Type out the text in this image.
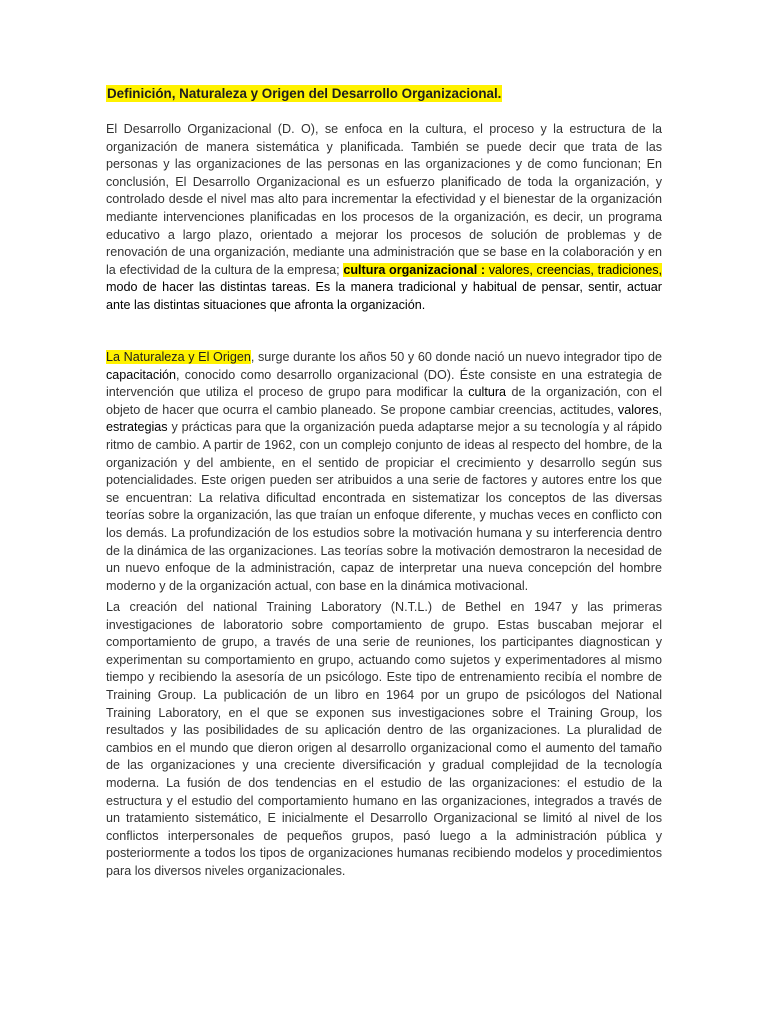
Definición, Naturaleza y Origen del Desarrollo Organizacional.

El Desarrollo Organizacional (D. O), se enfoca en la cultura, el proceso y la estructura de la organización de manera sistemática y planificada. También se puede decir que trata de las personas y las organizaciones de las personas en las organizaciones y de como funcionan; En conclusión, El Desarrollo Organizacional es un esfuerzo planificado de toda la organización, y controlado desde el nivel mas alto para incrementar la efectividad y el bienestar de la organización mediante intervenciones planificadas en los procesos de la organización, es decir, un programa educativo a largo plazo, orientado a mejorar los procesos de solución de problemas y de renovación de una organización, mediante una administración que se base en la colaboración y en la efectividad de la cultura de la empresa; cultura organizacional : valores, creencias, tradiciones, modo de hacer las distintas tareas. Es la manera tradicional y habitual de pensar, sentir, actuar ante las distintas situaciones que afronta la organización.

La Naturaleza y El Origen, surge durante los años 50 y 60 donde nació un nuevo integrador tipo de capacitación, conocido como desarrollo organizacional (DO). Éste consiste en una estrategia de intervención que utiliza el proceso de grupo para modificar la cultura de la organización, con el objeto de hacer que ocurra el cambio planeado. Se propone cambiar creencias, actitudes, valores, estrategias y prácticas para que la organización pueda adaptarse mejor a su tecnología y al rápido ritmo de cambio. A partir de 1962, con un complejo conjunto de ideas al respecto del hombre, de la organización y del ambiente, en el sentido de propiciar el crecimiento y desarrollo según sus potencialidades. Este origen pueden ser atribuidos a una serie de factores y autores entre los que se encuentran: La relativa dificultad encontrada en sistematizar los conceptos de las diversas teorías sobre la organización, las que traían un enfoque diferente, y muchas veces en conflicto con los demás. La profundización de los estudios sobre la motivación humana y su interferencia dentro de la dinámica de las organizaciones. Las teorías sobre la motivación demostraron la necesidad de un nuevo enfoque de la administración, capaz de interpretar una nueva concepción del hombre moderno y de la organización actual, con base en la dinámica motivacional.

La creación del national Training Laboratory (N.T.L.) de Bethel en 1947 y las primeras investigaciones de laboratorio sobre comportamiento de grupo. Estas buscaban mejorar el comportamiento de grupo, a través de una serie de reuniones, los participantes diagnostican y experimentan su comportamiento en grupo, actuando como sujetos y experimentadores al mismo tiempo y recibiendo la asesoría de un psicólogo. Este tipo de entrenamiento recibía el nombre de Training Group. La publicación de un libro en 1964 por un grupo de psicólogos del National Training Laboratory, en el que se exponen sus investigaciones sobre el Training Group, los resultados y las posibilidades de su aplicación dentro de las organizaciones. La pluralidad de cambios en el mundo que dieron origen al desarrollo organizacional como el aumento del tamaño de las organizaciones y una creciente diversificación y gradual complejidad de la tecnología moderna. La fusión de dos tendencias en el estudio de las organizaciones: el estudio de la estructura y el estudio del comportamiento humano en las organizaciones, integrados a través de un tratamiento sistemático, E inicialmente el Desarrollo Organizacional se limitó al nivel de los conflictos interpersonales de pequeños grupos, pasó luego a la administración pública y posteriormente a todos los tipos de organizaciones humanas recibiendo modelos y procedimientos para los diversos niveles organizacionales.
